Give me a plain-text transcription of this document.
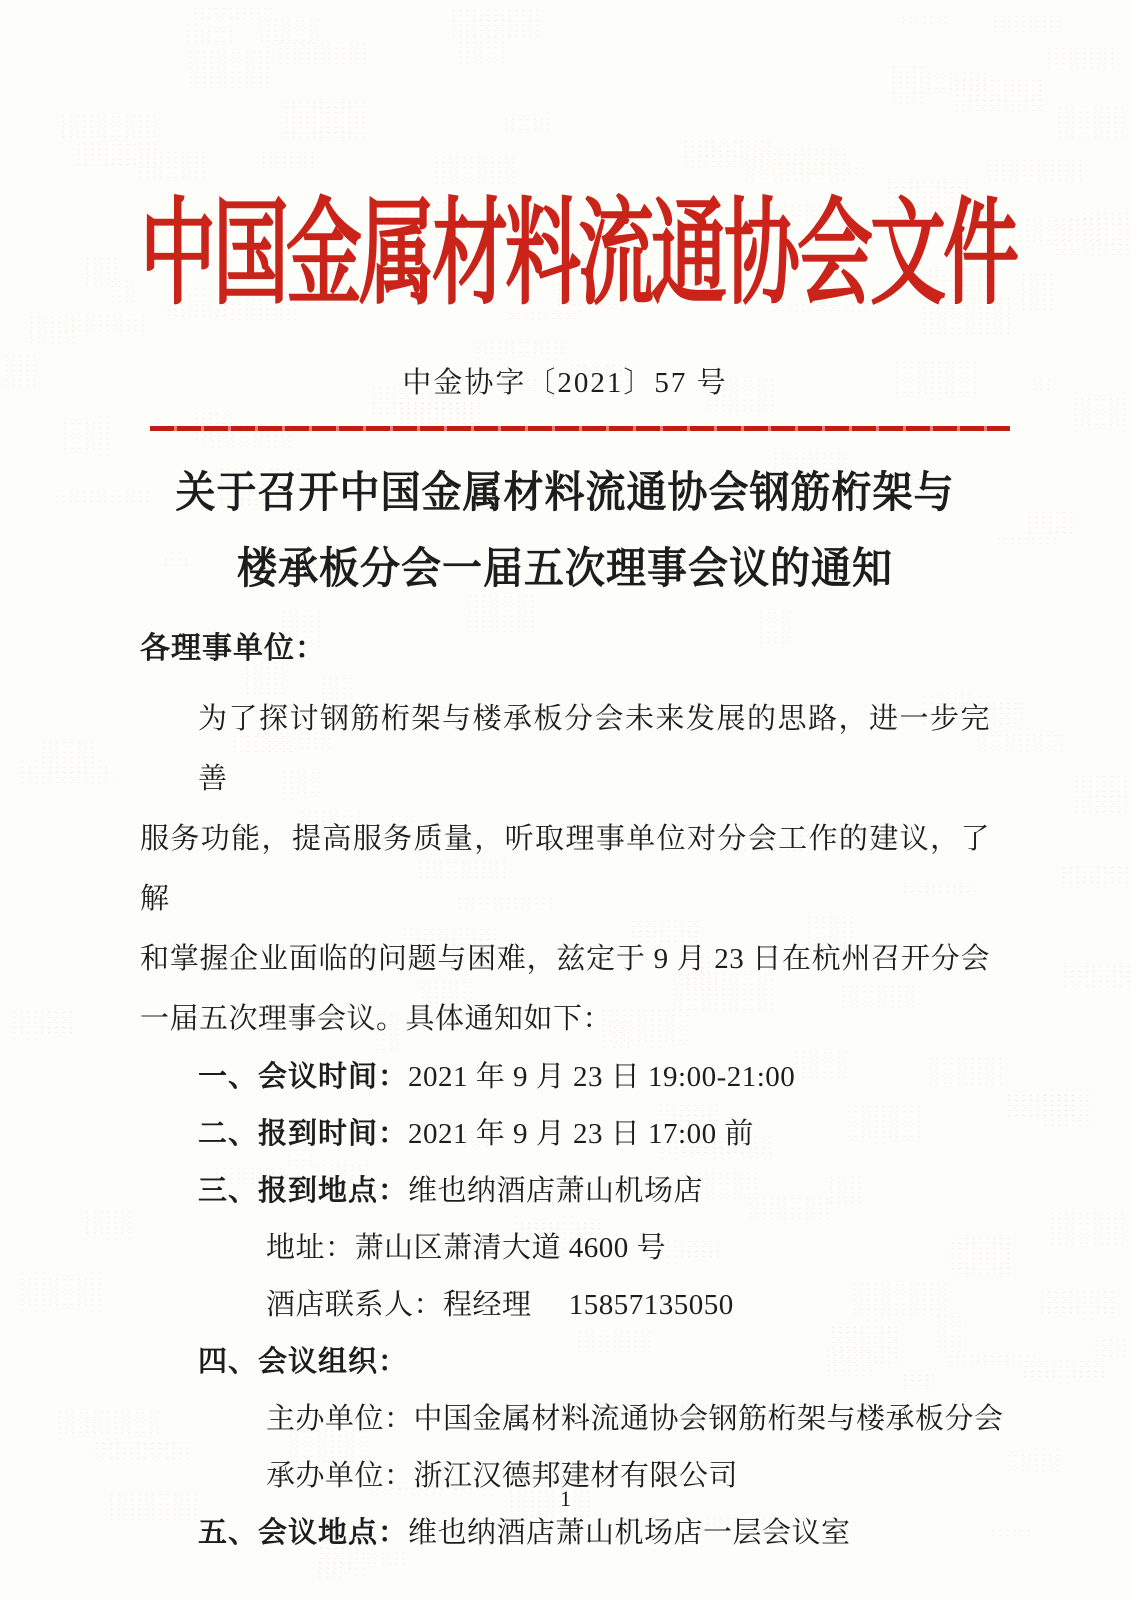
中国金属材料流通协会文件
中金协字〔2021〕57 号
关于召开中国金属材料流通协会钢筋桁架与
楼承板分会一届五次理事会议的通知
各理事单位：
为了探讨钢筋桁架与楼承板分会未来发展的思路，进一步完善
服务功能，提高服务质量，听取理事单位对分会工作的建议，了解
和掌握企业面临的问题与困难，兹定于 9 月 23 日在杭州召开分会
一届五次理事会议。具体通知如下：
一、会议时间：2021 年 9 月 23 日 19:00-21:00
二、报到时间：2021 年 9 月 23 日 17:00 前
三、报到地点：维也纳酒店萧山机场店
地址：萧山区萧清大道 4600 号
酒店联系人：程经理　 15857135050
四、会议组织：
主办单位：中国金属材料流通协会钢筋桁架与楼承板分会
承办单位：浙江汉德邦建材有限公司
五、会议地点：维也纳酒店萧山机场店一层会议室
1
